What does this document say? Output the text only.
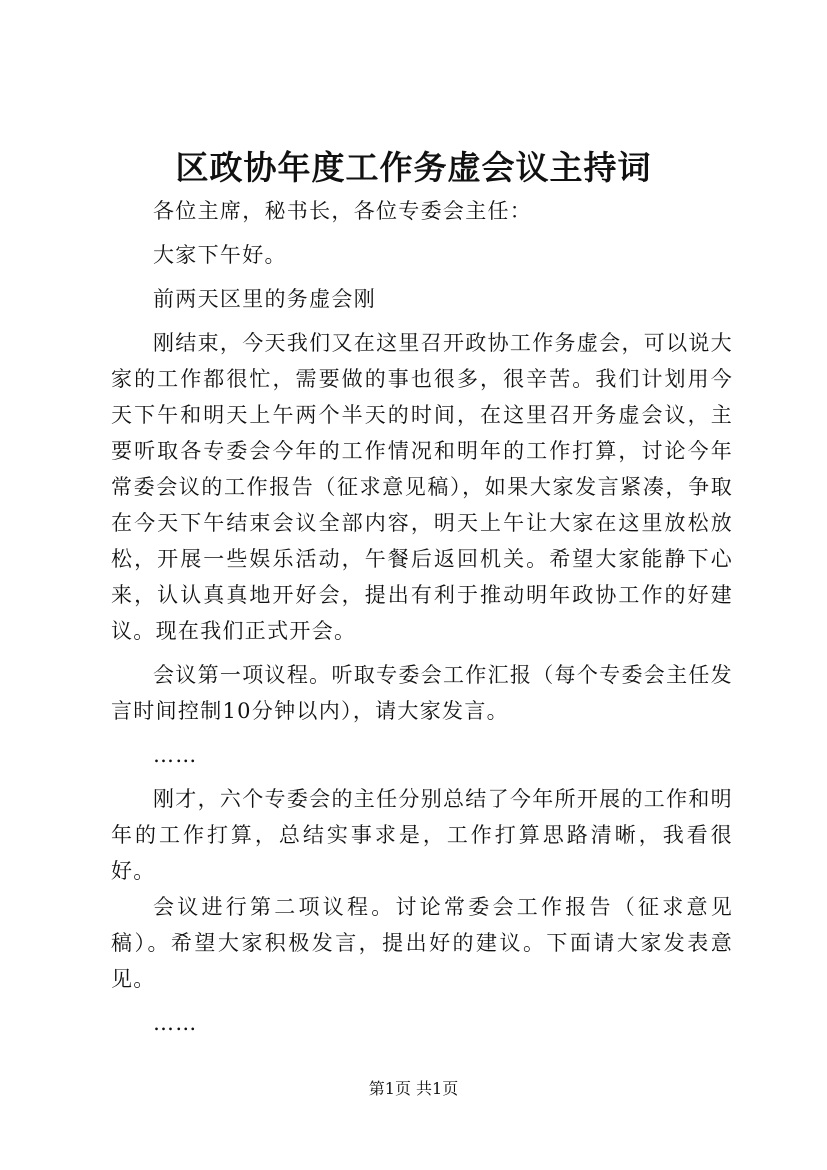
区政协年度工作务虚会议主持词

各位主席，秘书长，各位专委会主任：

大家下午好。

前两天区里的务虚会刚

刚结束，今天我们又在这里召开政协工作务虚会，可以说大家的工作都很忙，需要做的事也很多，很辛苦。我们计划用今天下午和明天上午两个半天的时间，在这里召开务虚会议，主要听取各专委会今年的工作情况和明年的工作打算，讨论今年常委会议的工作报告（征求意见稿），如果大家发言紧凑，争取在今天下午结束会议全部内容，明天上午让大家在这里放松放松，开展一些娱乐活动，午餐后返回机关。希望大家能静下心来，认认真真地开好会，提出有利于推动明年政协工作的好建议。现在我们正式开会。

会议第一项议程。听取专委会工作汇报（每个专委会主任发言时间控制10分钟以内），请大家发言。

……

刚才，六个专委会的主任分别总结了今年所开展的工作和明年的工作打算，总结实事求是，工作打算思路清晰，我看很好。

会议进行第二项议程。讨论常委会工作报告（征求意见稿）。希望大家积极发言，提出好的建议。下面请大家发表意见。

……

第1页 共1页
